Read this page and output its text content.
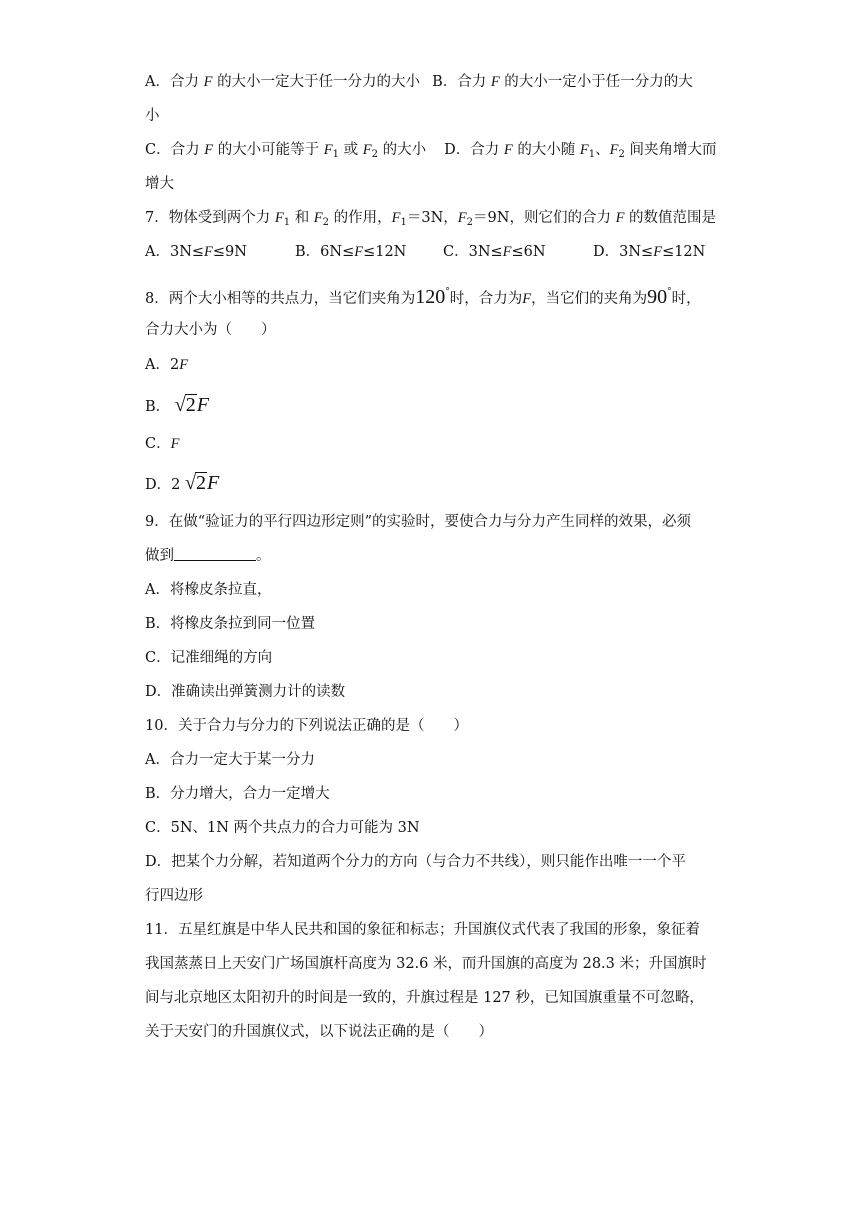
A．合力 F 的大小一定大于任一分力的大小 B．合力 F 的大小一定小于任一分力的大
小
C．合力 F 的大小可能等于 $F_1$ 或 $F_2$ 的大小 D．合力 F 的大小随 $F_1$、$F_2$ 间夹角增大而
增大
7．物体受到两个力 $F_1$ 和 $F_2$ 的作用，$F_1=3N$，$F_2=9N$，则它们的合力 F 的数值范围是
A．3N≤F≤9N	B．6N≤F≤12N	C．3N≤F≤6N	D．3N≤F≤12N
8．两个大小相等的共点力，当它们夹角为120°时，合力为F，当它们的夹角为90°时，
合力大小为（　　）
A．2F
B． √2F
C．F
D．2 √2F
9．在做“验证力的平行四边形定则”的实验时，要使合力与分力产生同样的效果，必须
做到	。
A．将橡皮条拉直，
B．将橡皮条拉到同一位置
C．记准细绳的方向
D．准确读出弹簧测力计的读数
10．关于合力与分力的下列说法正确的是（　　）
A．合力一定大于某一分力
B．分力增大，合力一定增大
C．5N、1N 两个共点力的合力可能为 3N
D．把某个力分解，若知道两个分力的方向（与合力不共线），则只能作出唯一一个平
行四边形
11．五星红旗是中华人民共和国的象征和标志；升国旗仪式代表了我国的形象，象征着
我国蒸蒸日上天安门广场国旗杆高度为 32.6 米，而升国旗的高度为 28.3 米；升国旗时
间与北京地区太阳初升的时间是一致的，升旗过程是 127 秒，已知国旗重量不可忽略，
关于天安门的升国旗仪式，以下说法正确的是（　　）
